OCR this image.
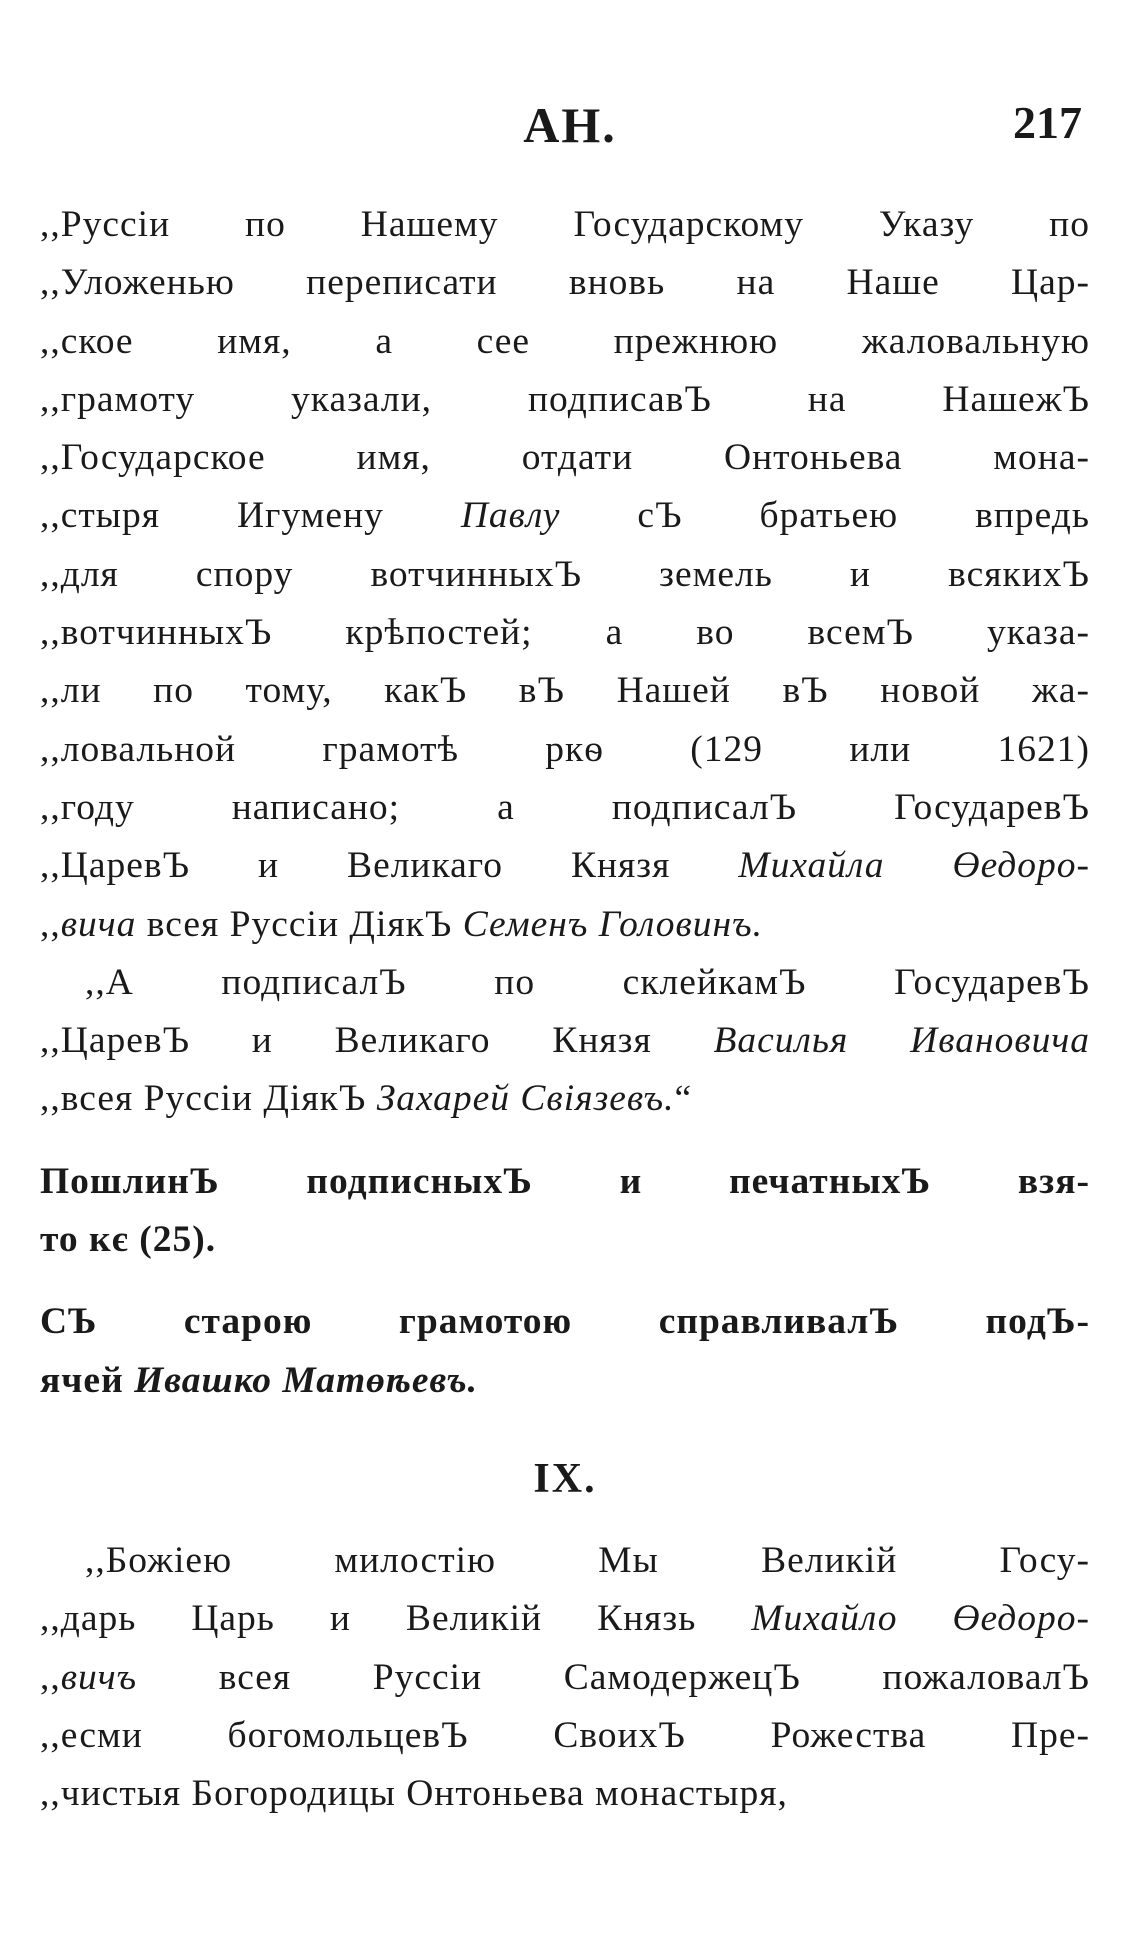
АН.	217
,,Руссіи по Нашему Государскому Указу по
,,Уложенью переписати вновь на Наше Цар-
,,ское имя, а сее прежнюю жаловальную
,,грамоту указали, подписавЪ на НашежЪ
,,Государское имя, отдати Онтоньева мона-
,,стыря Игумену Павлу сЪ братьею впредь
,,для спору вотчинныхЪ земель и всякихЪ
,,вотчинныхЪ крѣпостей; а во всемЪ указа-
,,ли по тому, какЪ вЪ Нашей вЪ новой жа-
,,ловальной грамотѣ ркѳ (129 или 1621)
,,году написано; а подписалЪ ГосударевЪ
,,ЦаревЪ и Великаго Князя Михайла Өедоро-
,,вича всея Руссіи ДіякЪ Семенъ Головинъ.
,,А подписалЪ по склейкамЪ ГосударевЪ
,,ЦаревЪ и Великаго Князя Василья Ивановича
,,всея Руссіи ДіякЪ Захарей Свіязевъ.“
ПошлинЪ подписныхЪ и печатныхЪ взя-
то кє (25).
СЪ старою грамотою справливалЪ подЪ-
ячей Ивашко Матөѣевъ.
IX.
,,Божіею милостію Мы Великій Госу-
,,дарь Царь и Великій Князь Михайло Өедоро-
,,вичъ всея Руссіи СамодержецЪ пожаловалЪ
,,есми богомольцевЪ СвоихЪ Рожества Пре-
,,чистыя Богородицы Онтоньева монастыря,
